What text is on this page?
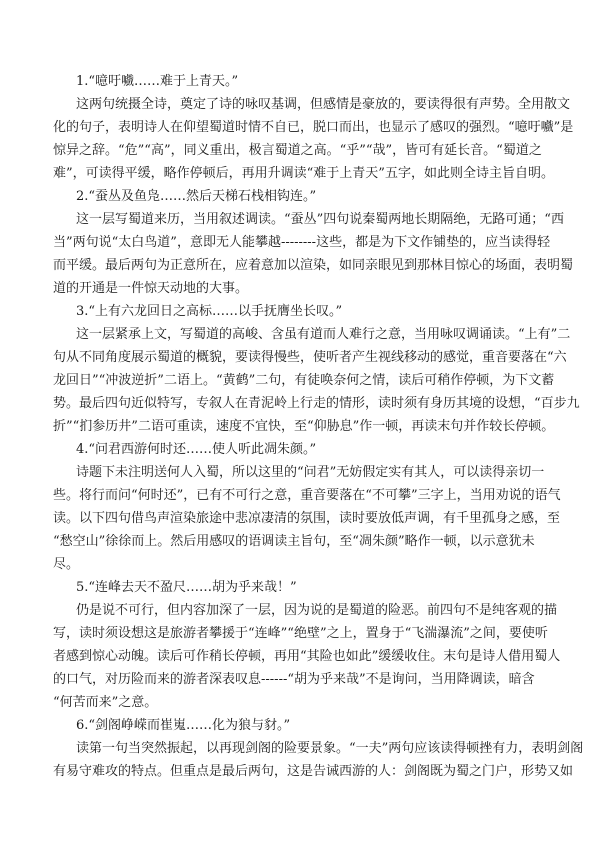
1.“噫吁嚱……难于上青天。”
这两句统摄全诗，奠定了诗的咏叹基调，但感情是豪放的，要读得很有声势。全用散文
化的句子，表明诗人在仰望蜀道时情不自已，脱口而出，也显示了感叹的强烈。“噫吁嚱”是
惊异之辞。“危”“高”，同义重出，极言蜀道之高。“乎”“哉”，皆可有延长音。“蜀道之
难”，可读得平缓，略作停顿后，再用升调读“难于上青天”五字，如此则全诗主旨自明。
2.“蚕丛及鱼凫……然后天梯石栈相钩连。”
这一层写蜀道来历，当用叙述调读。“蚕丛”四句说秦蜀两地长期隔绝，无路可通；“西
当”两句说“太白鸟道”，意即无人能攀越--------这些，都是为下文作铺垫的，应当读得轻
而平缓。最后两句为正意所在，应着意加以渲染，如同亲眼见到那林目惊心的场面，表明蜀
道的开通是一件惊天动地的大事。
3.“上有六龙回日之高标……以手抚膺坐长叹。”
这一层紧承上文，写蜀道的高峻、含虽有道而人难行之意，当用咏叹调诵读。“上有”二
句从不同角度展示蜀道的概貌，要读得慢些，使听者产生视线移动的感觉，重音要落在“六
龙回日”“冲波逆折”二语上。“黄鹤”二句，有徒唤奈何之情，读后可稍作停顿，为下文蓄
势。最后四句近似特写，专叙人在青泥岭上行走的情形，读时须有身历其境的设想，“百步九
折”“扪参历井”二语可重读，速度不宜快，至“仰胁息”作一顿，再读末句并作较长停顿。
4.“问君西游何时还……使人听此凋朱颜。”
诗题下未注明送何人入蜀，所以这里的“问君”无妨假定实有其人，可以读得亲切一
些。将行而问“何时还”，已有不可行之意，重音要落在“不可攀”三字上，当用劝说的语气
读。以下四句借鸟声渲染旅途中悲凉凄清的氛围，读时要放低声调，有千里孤身之感，至
“愁空山”徐徐而上。然后用感叹的语调读主旨句，至“凋朱颜”略作一顿，以示意犹未
尽。
5.“连峰去天不盈尺……胡为乎来哉！”
仍是说不可行，但内容加深了一层，因为说的是蜀道的险恶。前四句不是纯客观的描
写，读时须设想这是旅游者攀援于“连峰”“绝壁”之上，置身于“飞湍瀑流”之间，要使听
者感到惊心动魄。读后可作稍长停顿，再用“其险也如此”缓缓收住。末句是诗人借用蜀人
的口气，对历险而来的游者深表叹息------“胡为乎来哉”不是询问，当用降调读，暗含
“何苦而来”之意。
6.“剑阁峥嵘而崔嵬……化为狼与豺。”
读第一句当突然振起，以再现剑阁的险要景象。“一夫”两句应该读得顿挫有力，表明剑阁
有易守难攻的特点。但重点是最后两句，这是告诫西游的人：剑阁既为蜀之门户，形势又如
